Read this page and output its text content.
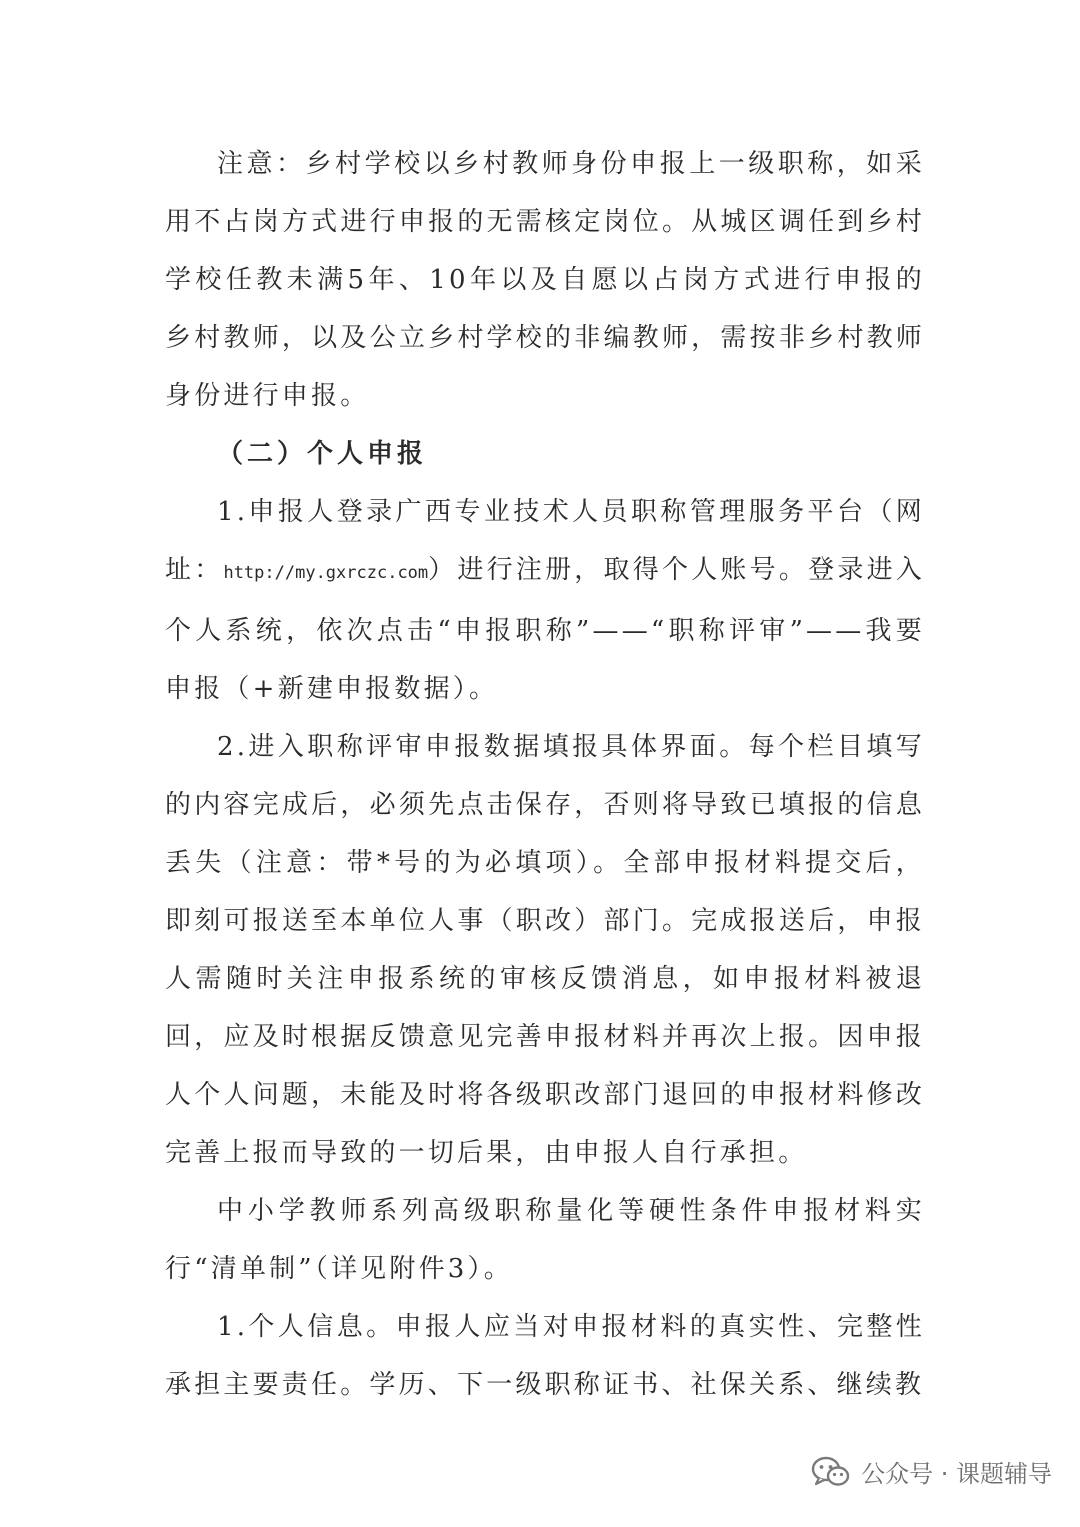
注意：乡村学校以乡村教师身份申报上一级职称，如采用不占岗方式进行申报的无需核定岗位。从城区调任到乡村学校任教未满5年、10年以及自愿以占岗方式进行申报的乡村教师，以及公立乡村学校的非编教师，需按非乡村教师身份进行申报。

（二）个人申报

1.申报人登录广西专业技术人员职称管理服务平台（网址：http://my.gxrczc.com）进行注册，取得个人账号。登录进入个人系统，依次点击“申报职称”——“职称评审”——我要申报（+新建申报数据）。

2.进入职称评审申报数据填报具体界面。每个栏目填写的内容完成后，必须先点击保存，否则将导致已填报的信息丢失（注意：带*号的为必填项）。全部申报材料提交后，即刻可报送至本单位人事（职改）部门。完成报送后，申报人需随时关注申报系统的审核反馈消息，如申报材料被退回，应及时根据反馈意见完善申报材料并再次上报。因申报人个人问题，未能及时将各级职改部门退回的申报材料修改完善上报而导致的一切后果，由申报人自行承担。

中小学教师系列高级职称量化等硬性条件申报材料实行“清单制”（详见附件3）。

1.个人信息。申报人应当对申报材料的真实性、完整性承担主要责任。学历、下一级职称证书、社保关系、继续教

公众号 · 课题辅导
